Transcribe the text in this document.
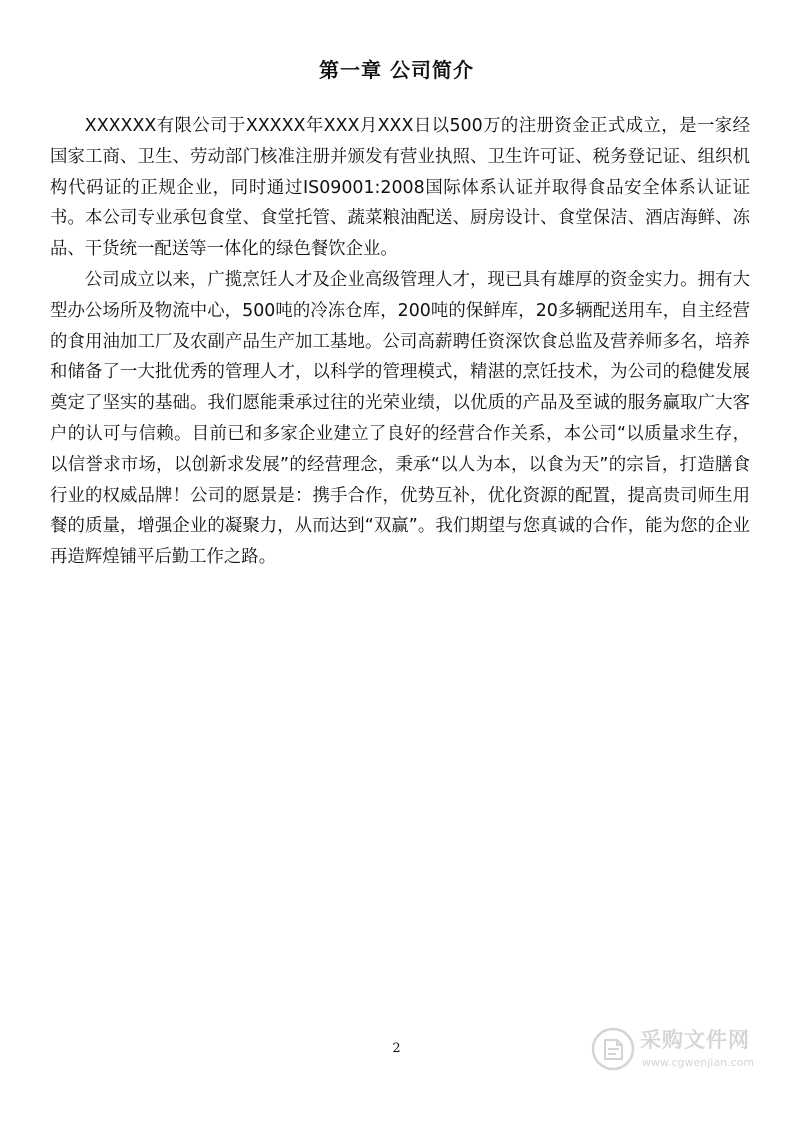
第一章 公司简介

XXXXXX有限公司于XXXXX年XXX月XXX日以500万的注册资金正式成立，是一家经国家工商、卫生、劳动部门核准注册并颁发有营业执照、卫生许可证、税务登记证、组织机构代码证的正规企业，同时通过IS09001:2008国际体系认证并取得食品安全体系认证证书。本公司专业承包食堂、食堂托管、蔬菜粮油配送、厨房设计、食堂保洁、酒店海鲜、冻品、干货统一配送等一体化的绿色餐饮企业。

公司成立以来，广揽烹饪人才及企业高级管理人才，现已具有雄厚的资金实力。拥有大型办公场所及物流中心，500吨的冷冻仓库，200吨的保鲜库，20多辆配送用车，自主经营的食用油加工厂及农副产品生产加工基地。公司高薪聘任资深饮食总监及营养师多名，培养和储备了一大批优秀的管理人才，以科学的管理模式，精湛的烹饪技术，为公司的稳健发展奠定了坚实的基础。我们愿能秉承过往的光荣业绩，以优质的产品及至诚的服务赢取广大客户的认可与信赖。目前已和多家企业建立了良好的经营合作关系，本公司“以质量求生存，以信誉求市场，以创新求发展”的经营理念，秉承“以人为本，以食为天”的宗旨，打造膳食行业的权威品牌！公司的愿景是：携手合作，优势互补，优化资源的配置，提高贵司师生用餐的质量，增强企业的凝聚力，从而达到“双赢”。我们期望与您真诚的合作，能为您的企业再造辉煌铺平后勤工作之路。

2	采购文件网
www.cgwenjian.com
